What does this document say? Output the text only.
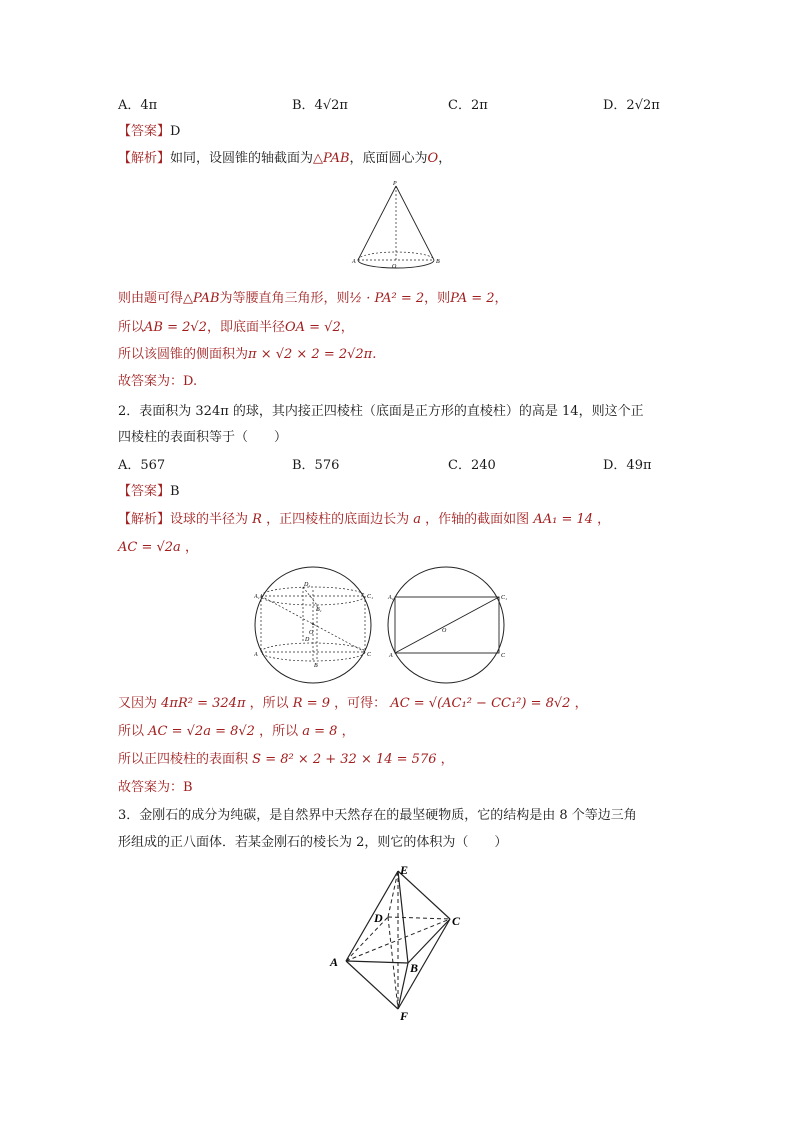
A．4π	B．4√2π	C．2π	D．2√2π
【答案】D
【解析】如同，设圆锥的轴截面为△PAB，底面圆心为O，
P
A
O
B
则由题可得△PAB为等腰直角三角形，则½ · PA² = 2，则PA = 2，
所以AB = 2√2，即底面半径OA = √2，
所以该圆锥的侧面积为π × √2 × 2 = 2√2π.
故答案为：D.
2．表面积为 324π 的球，其内接正四棱柱（底面是正方形的直棱柱）的高是 14，则这个正
四棱柱的表面积等于（　　）
A．567	B．576	C．240	D．49π
【答案】B
【解析】设球的半径为 R ，正四棱柱的底面边长为 a ，作轴的截面如图 AA₁ = 14 ，
AC = √2a ，
A₁
D₁
B₁
C₁
O
D
B
A	C
A₁	C₁
O
A	C
又因为 4πR² = 324π ，所以 R = 9 ，可得： AC = √(AC₁² − CC₁²) = 8√2 ，
所以 AC = √2a = 8√2 ，所以 a = 8 ，
所以正四棱柱的表面积 S = 8² × 2 + 32 × 14 = 576 ，
故答案为：B
3．金刚石的成分为纯碳，是自然界中天然存在的最坚硬物质，它的结构是由 8 个等边三角
形组成的正八面体．若某金刚石的棱长为 2，则它的体积为（　　）
E
D	C
A	B
F
